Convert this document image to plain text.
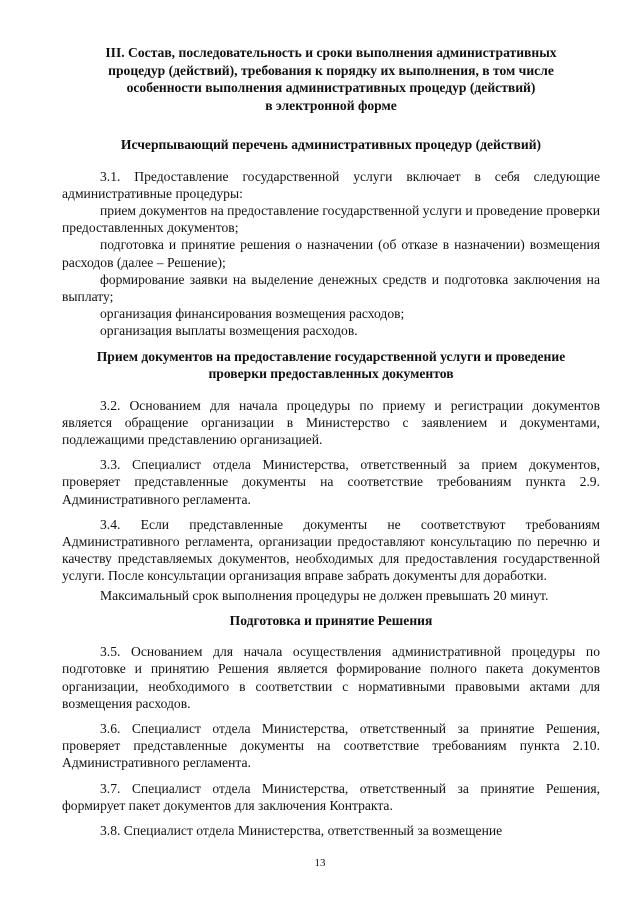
III. Состав, последовательность и сроки выполнения административных
процедур (действий), требования к порядку их выполнения, в том числе
особенности выполнения административных процедур (действий)
в электронной форме
Исчерпывающий перечень административных процедур (действий)

3.1. Предоставление государственной услуги включает в себя следующие административные процедуры:

прием документов на предоставление государственной услуги и проведение проверки предоставленных документов;

подготовка и принятие решения о назначении (об отказе в назначении) возмещения расходов (далее – Решение);

формирование заявки на выделение денежных средств и подготовка заключения на выплату;

организация финансирования возмещения расходов;

организация выплаты возмещения расходов.

Прием документов на предоставление государственной услуги и проведение
проверки предоставленных документов

3.2. Основанием для начала процедуры по приему и регистрации документов является обращение организации в Министерство с заявлением и документами, подлежащими представлению организацией.

3.3. Специалист отдела Министерства, ответственный за прием документов, проверяет представленные документы на соответствие требованиям пункта 2.9. Административного регламента.

3.4. Если представленные документы не соответствуют требованиям Административного регламента, организации предоставляют консультацию по перечню и качеству представляемых документов, необходимых для предоставления государственной услуги. После консультации организация вправе забрать документы для доработки.

Максимальный срок выполнения процедуры не должен превышать 20 минут.

Подготовка и принятие Решения

3.5. Основанием для начала осуществления административной процедуры по подготовке и принятию Решения является формирование полного пакета документов организации, необходимого в соответствии с нормативными правовыми актами для возмещения расходов.

3.6. Специалист отдела Министерства, ответственный за принятие Решения, проверяет представленные документы на соответствие требованиям пункта 2.10. Административного регламента.

3.7. Специалист отдела Министерства, ответственный за принятие Решения, формирует пакет документов для заключения Контракта.

3.8. Специалист отдела Министерства, ответственный за возмещение

13
